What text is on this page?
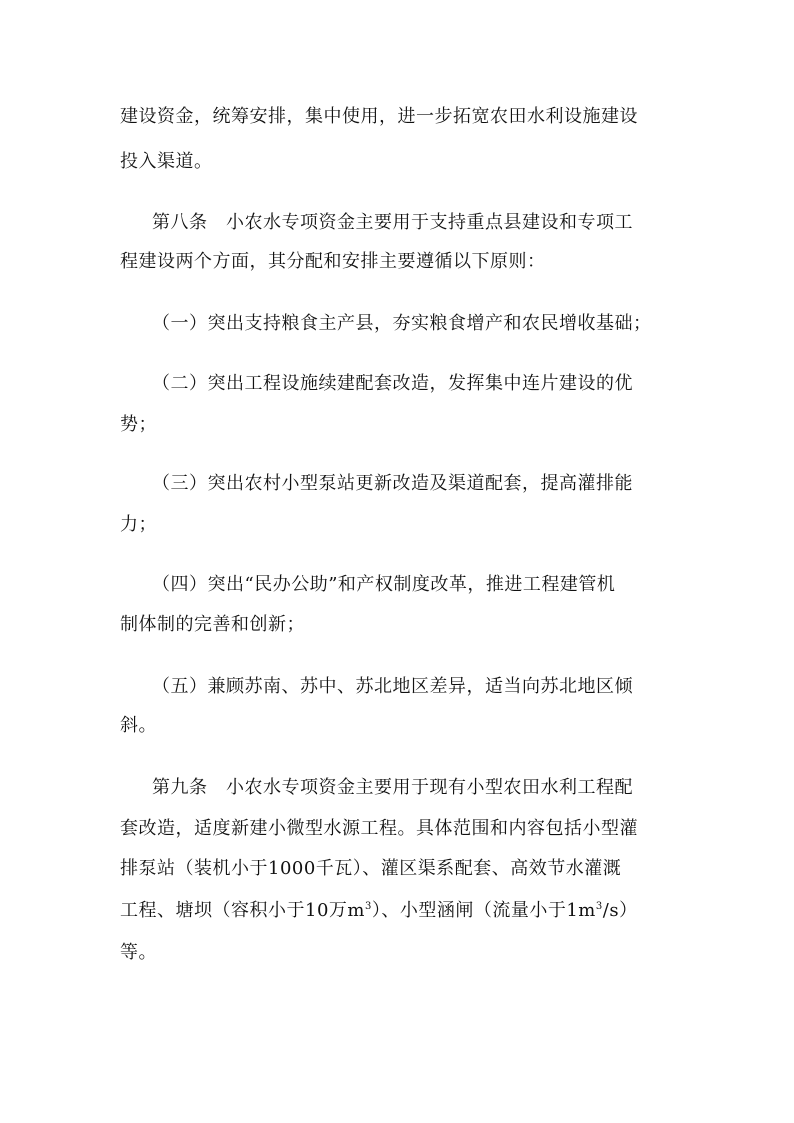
建设资金，统筹安排，集中使用，进一步拓宽农田水利设施建设
投入渠道。
第八条　小农水专项资金主要用于支持重点县建设和专项工
程建设两个方面，其分配和安排主要遵循以下原则：
（一）突出支持粮食主产县，夯实粮食增产和农民增收基础；
（二）突出工程设施续建配套改造，发挥集中连片建设的优
势；
（三）突出农村小型泵站更新改造及渠道配套，提高灌排能
力；
（四）突出“民办公助”和产权制度改革，推进工程建管机
制体制的完善和创新；
（五）兼顾苏南、苏中、苏北地区差异，适当向苏北地区倾
斜。
第九条　小农水专项资金主要用于现有小型农田水利工程配
套改造，适度新建小微型水源工程。具体范围和内容包括小型灌
排泵站（装机小于1000千瓦）、灌区渠系配套、高效节水灌溉
工程、塘坝（容积小于10万$m^3$）、小型涵闸（流量小于$1m^3/s$）
等。
